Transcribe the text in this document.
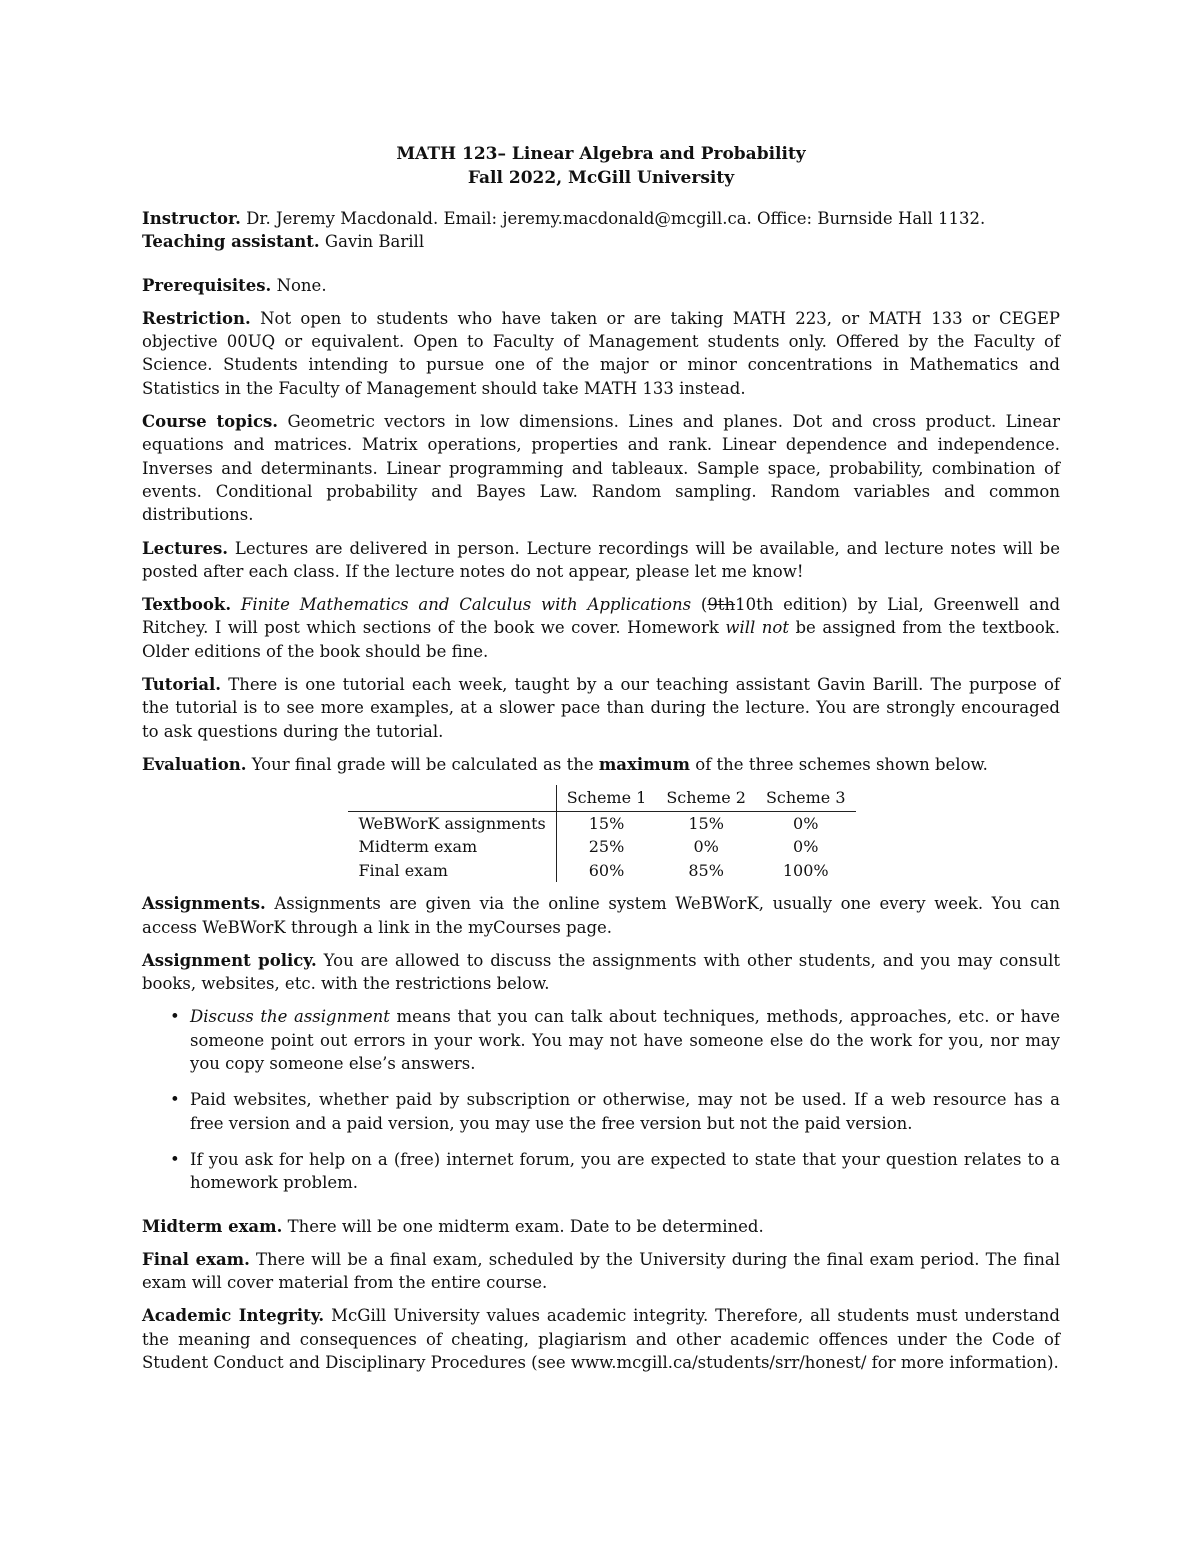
MATH 123– Linear Algebra and Probability
Fall 2022, McGill University

Instructor. Dr. Jeremy Macdonald. Email: jeremy.macdonald@mcgill.ca. Office: Burnside Hall 1132.

Teaching assistant. Gavin Barill

Prerequisites. None.

Restriction. Not open to students who have taken or are taking MATH 223, or MATH 133 or CEGEP objective 00UQ or equivalent. Open to Faculty of Management students only. Offered by the Faculty of Science. Students intending to pursue one of the major or minor concentrations in Mathematics and Statistics in the Faculty of Management should take MATH 133 instead.

Course topics. Geometric vectors in low dimensions. Lines and planes. Dot and cross product. Linear equations and matrices. Matrix operations, properties and rank. Linear dependence and independence. Inverses and determinants. Linear programming and tableaux. Sample space, probability, combination of events. Conditional probability and Bayes Law. Random sampling. Random variables and common distributions.

Lectures. Lectures are delivered in person. Lecture recordings will be available, and lecture notes will be posted after each class. If the lecture notes do not appear, please let me know!

Textbook. Finite Mathematics and Calculus with Applications (9th10th edition) by Lial, Greenwell and Ritchey. I will post which sections of the book we cover. Homework will not be assigned from the textbook. Older editions of the book should be fine.

Tutorial. There is one tutorial each week, taught by a our teaching assistant Gavin Barill. The purpose of the tutorial is to see more examples, at a slower pace than during the lecture. You are strongly encouraged to ask questions during the tutorial.

Evaluation. Your final grade will be calculated as the maximum of the three schemes shown below.

	Scheme 1	Scheme 2	Scheme 3
WeBWorK assignments	15%	15%	0%
Midterm exam	25%	0%	0%
Final exam	60%	85%	100%

Assignments. Assignments are given via the online system WeBWorK, usually one every week. You can access WeBWorK through a link in the myCourses page.

Assignment policy. You are allowed to discuss the assignments with other students, and you may consult books, websites, etc. with the restrictions below.

• Discuss the assignment means that you can talk about techniques, methods, approaches, etc. or have someone point out errors in your work. You may not have someone else do the work for you, nor may you copy someone else’s answers.
• Paid websites, whether paid by subscription or otherwise, may not be used. If a web resource has a free version and a paid version, you may use the free version but not the paid version.
• If you ask for help on a (free) internet forum, you are expected to state that your question relates to a homework problem.

Midterm exam. There will be one midterm exam. Date to be determined.

Final exam. There will be a final exam, scheduled by the University during the final exam period. The final exam will cover material from the entire course.

Academic Integrity. McGill University values academic integrity. Therefore, all students must understand the meaning and consequences of cheating, plagiarism and other academic offences under the Code of Student Conduct and Disciplinary Procedures (see www.mcgill.ca/students/srr/honest/ for more information).
